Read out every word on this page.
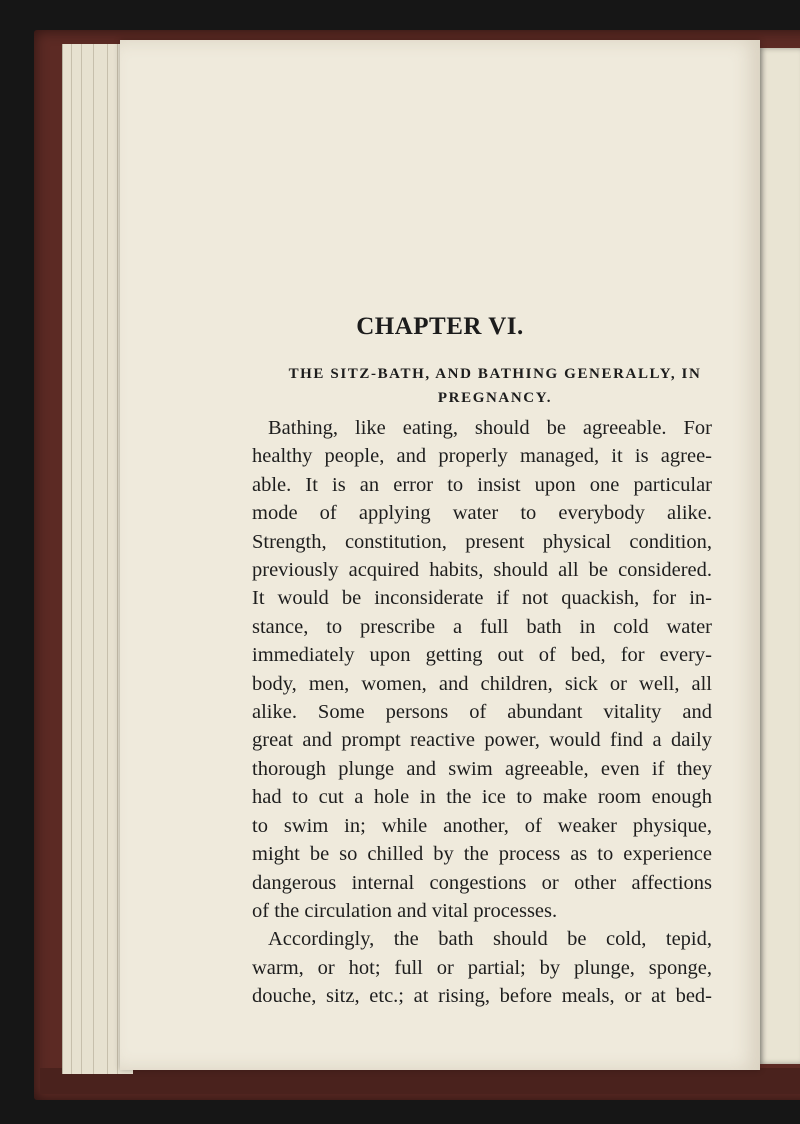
CHAPTER VI.
THE SITZ-BATH, AND BATHING GENERALLY, IN
PREGNANCY.
Bathing, like eating, should be agreeable. For
healthy people, and properly managed, it is agree-
able. It is an error to insist upon one particular
mode of applying water to everybody alike.
Strength, constitution, present physical condition,
previously acquired habits, should all be considered.
It would be inconsiderate if not quackish, for in-
stance, to prescribe a full bath in cold water
immediately upon getting out of bed, for every-
body, men, women, and children, sick or well, all
alike. Some persons of abundant vitality and
great and prompt reactive power, would find a daily
thorough plunge and swim agreeable, even if they
had to cut a hole in the ice to make room enough
to swim in; while another, of weaker physique,
might be so chilled by the process as to experience
dangerous internal congestions or other affections
of the circulation and vital processes.
Accordingly, the bath should be cold, tepid,
warm, or hot; full or partial; by plunge, sponge,
douche, sitz, etc.; at rising, before meals, or at bed-
